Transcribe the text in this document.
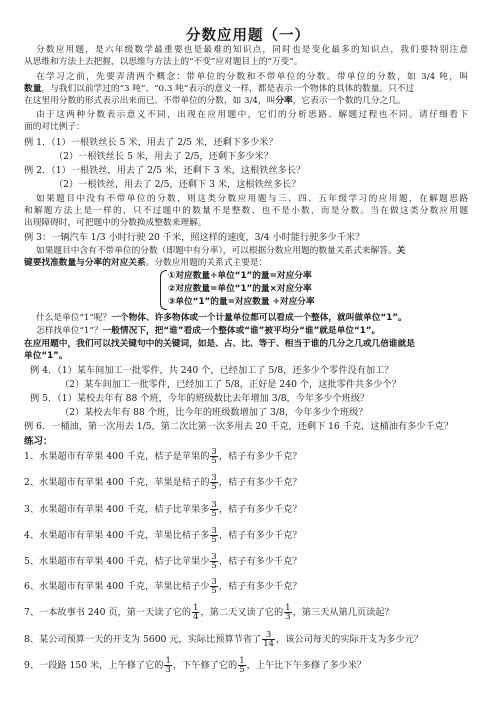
分数应用题（一）
分数应用题，是六年级数学最重要也是最难的知识点，同时也是变化最多的知识点，我们要特别注意
从思维和方法上去把握，以思维与方法上的“不变”应对题目上的“万变”。
在学习之前，先要弄清两个概念：带单位的分数和不带单位的分数。带单位的分数，如 3/4 吨，叫
数量，与我们以前学过的“3 吨”、“0.3 吨”表示的意义一样，都是表示一个物体的具体的数量。只不过
在这里用分数的形式表示出来而已。不带单位的分数，如 3/4，叫分率，它表示一个数的几分之几。
由于这两种分数表示意义不同，出现在应用题中，它们的分析思路、解题过程也不同。请仔细看下
面的对比例子：
例 1．（1）一根铁丝长 5 米，用去了 2/5 米，还剩下多少米？
（2）一根铁丝长 5 米，用去了 2/5，还剩下多少米？
例 2．（1）一根铁丝，用去了 2/5 米，还剩下 3 米，这根铁丝多长？
（2）一根铁丝，用去了 2/5，还剩下 3 米，这根铁丝多长？
如果题目中没有不带单位的分数，则这类分数应用题与三、四、五年级学习的应用题，在解题思路
和解题方法上是一样的，只不过题中的数量不是整数、也不是小数，而是分数。当在做这类分数应用题
出现障碍时，可把题中的分数换成整数来理解。
例 3：一辆汽车 1/3 小时行驶 20 千米，照这样的速度，3/4 小时能行驶多少千米？
如果题目中含有不带单位的分数（即题中有分率），可以根据分数应用题的数量关系式来解答。关
键要找准数量与分率的对应关系。分数应用题的关系式主要是：
①对应数量÷单位“1”的量=对应分率
②对应数量=单位“1”的量×对应分率
③单位“1”的量=对应数量 ÷对应分率
什么是单位“1”呢？一个物体、许多物体或一个计量单位都可以看成一个整体，就叫做单位“1”。
怎样找单位“1”？一般情况下，把“谁”看成一个整体或“谁”被平均分“谁”就是单位“1”。
在应用题中，我们可以找关键句中的关键词，如是、占、比、等于、相当于谁的几分之几或几倍谁就是
单位“1”。
例 4．（1）某车间加工一批零件，共 240 个，已经加工了 5/8，还多少个零件没有加工？
（2）某车间加工一批零件，已经加工了 5/8，正好是 240 个，这批零件共多少个？
例 5．（1）某校去年有 88 个班，今年的班级数比去年增加 3/8，今年多少个班级？
（2）某校去年有 88 个班，比今年的班级数增加了 3/8，今年多少个班级？
例 6．一桶油，第一次用去 1/5，第二次比第一次多用去 20 千克，还剩下 16 千克，这桶油有多少千克？
练习：
1、水果超市有苹果 400 千克，桔子是苹果的 $\frac{3}{5}$ ，桔子有多少千克？
2、水果超市有苹果 400 千克，苹果是桔子的 $\frac{3}{5}$ ，桔子有多少千克？
3、水果超市有苹果 400 千克，桔子比苹果多 $\frac{3}{5}$ ，桔子有多少千克？
4、水果超市有苹果 400 千克，苹果比桔子多 $\frac{3}{5}$ ，桔子有多少千克？
5、水果超市有苹果 400 千克，桔子比苹果少 $\frac{3}{5}$ ，桔子有多少千克？
6、水果超市有苹果 400 千克，苹果比桔子少 $\frac{3}{5}$ ，桔子有多少千克？
7、一本故事书 240 页，第一天读了它的 $\frac{1}{4}$ ，第二天又读了它的 $\frac{1}{3}$ ，第三天从第几页读起？
8、某公司预算一天的开支为 5600 元，实际比预算节省了 $\frac{3}{14}$ ，该公司每天的实际开支为多少元？
9、一段路 150 米，上午修了它的 $\frac{1}{3}$ ，下午修了它的 $\frac{1}{5}$ ，上午比下午多修了多少米？
